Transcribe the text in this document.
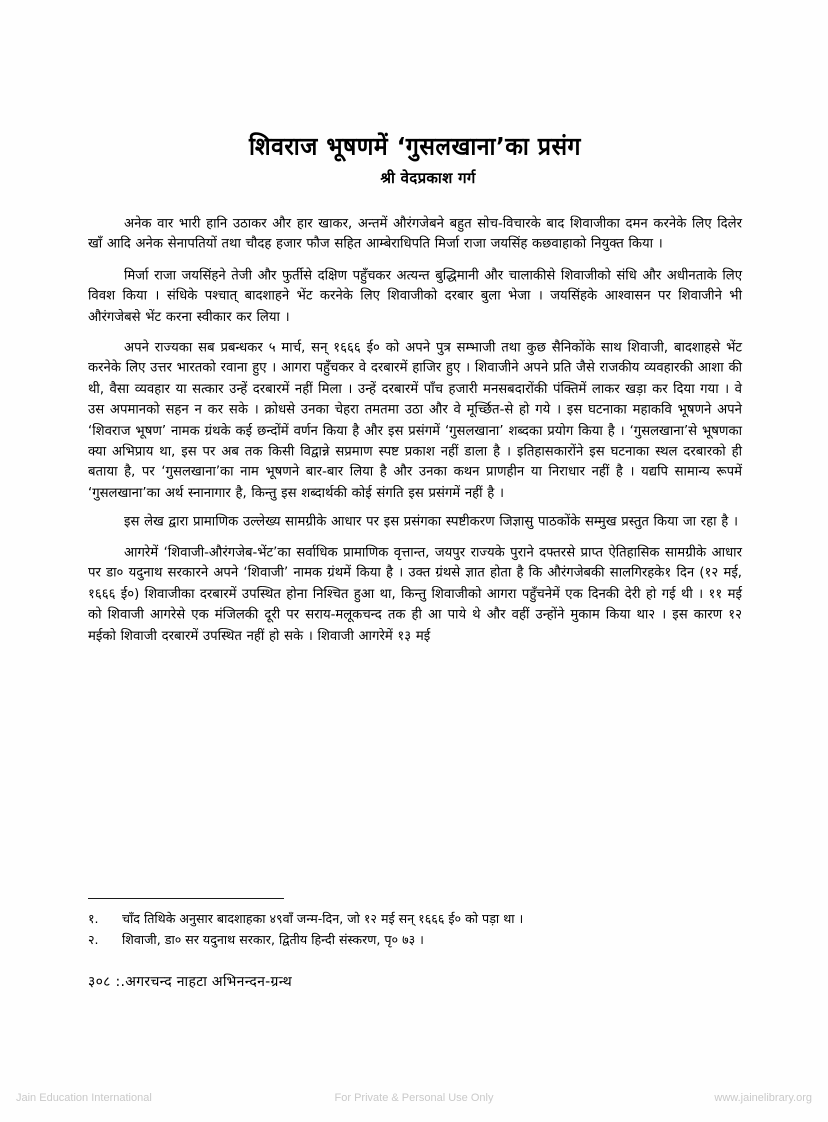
शिवराज भूषणमें ‘गुसलखाना’का प्रसंग
श्री वेदप्रकाश गर्ग

अनेक वार भारी हानि उठाकर और हार खाकर, अन्तमें औरंगजेबने बहुत सोच-विचारके बाद शिवाजीका दमन करनेके लिए दिलेर खाँ आदि अनेक सेनापतियों तथा चौदह हजार फौज सहित आम्बेराधिपति मिर्जा राजा जयसिंह कछवाहाको नियुक्त किया ।

मिर्जा राजा जयसिंहने तेजी और फुर्तीसे दक्षिण पहुँचकर अत्यन्त बुद्धिमानी और चालाकीसे शिवाजीको संधि और अधीनताके लिए विवश किया । संधिके पश्चात् बादशाहने भेंट करनेके लिए शिवाजीको दरबार बुला भेजा । जयसिंहके आश्वासन पर शिवाजीने भी औरंगजेबसे भेंट करना स्वीकार कर लिया ।

अपने राज्यका सब प्रबन्धकर ५ मार्च, सन् १६६६ ई० को अपने पुत्र सम्भाजी तथा कुछ सैनिकोंके साथ शिवाजी, बादशाहसे भेंट करनेके लिए उत्तर भारतको रवाना हुए । आगरा पहुँचकर वे दरबारमें हाजिर हुए । शिवाजीने अपने प्रति जैसे राजकीय व्यवहारकी आशा की थी, वैसा व्यवहार या सत्कार उन्हें दरबारमें नहीं मिला । उन्हें दरबारमें पाँच हजारी मनसबदारोंकी पंक्तिमें लाकर खड़ा कर दिया गया । वे उस अपमानको सहन न कर सके । क्रोधसे उनका चेहरा तमतमा उठा और वे मूर्च्छित-से हो गये । इस घटनाका महाकवि भूषणने अपने ‘शिवराज भूषण’ नामक ग्रंथके कई छन्दोंमें वर्णन किया है और इस प्रसंगमें ‘गुसलखाना’ शब्दका प्रयोग किया है । ‘गुसलखाना’से भूषणका क्या अभिप्राय था, इस पर अब तक किसी विद्वान्ने सप्रमाण स्पष्ट प्रकाश नहीं डाला है । इतिहासकारोंने इस घटनाका स्थल दरबारको ही बताया है, पर ‘गुसलखाना’का नाम भूषणने बार-बार लिया है और उनका कथन प्राणहीन या निराधार नहीं है । यद्यपि सामान्य रूपमें ‘गुसलखाना’का अर्थ स्नानागार है, किन्तु इस शब्दार्थकी कोई संगति इस प्रसंगमें नहीं है ।

इस लेख द्वारा प्रामाणिक उल्लेख्य सामग्रीके आधार पर इस प्रसंगका स्पष्टीकरण जिज्ञासु पाठकोंके सम्मुख प्रस्तुत किया जा रहा है ।

आगरेमें ‘शिवाजी-औरंगजेब-भेंट’का सर्वाधिक प्रामाणिक वृत्तान्त, जयपुर राज्यके पुराने दफ्तरसे प्राप्त ऐतिहासिक सामग्रीके आधार पर डा० यदुनाथ सरकारने अपने ‘शिवाजी’ नामक ग्रंथमें किया है । उक्त ग्रंथसे ज्ञात होता है कि औरंगजेबकी सालगिरहके१ दिन (१२ मई, १६६६ ई०) शिवाजीका दरबारमें उपस्थित होना निश्चित हुआ था, किन्तु शिवाजीको आगरा पहुँचनेमें एक दिनकी देरी हो गई थी । ११ मई को शिवाजी आगरेसे एक मंजिलकी दूरी पर सराय-मलूकचन्द तक ही आ पाये थे और वहीं उन्होंने मुकाम किया था२ । इस कारण १२ मईको शिवाजी दरबारमें उपस्थित नहीं हो सके । शिवाजी आगरेमें १३ मई

१.	चाँद तिथिके अनुसार बादशाहका ४९वाँ जन्म-दिन, जो १२ मई सन् १६६६ ई० को पड़ा था ।
२.	शिवाजी, डा० सर यदुनाथ सरकार, द्वितीय हिन्दी संस्करण, पृ० ७३ ।
३०८ :.अगरचन्द नाहटा अभिनन्दन-ग्रन्थ
Jain Education International	For Private & Personal Use Only	www.jainelibrary.org
